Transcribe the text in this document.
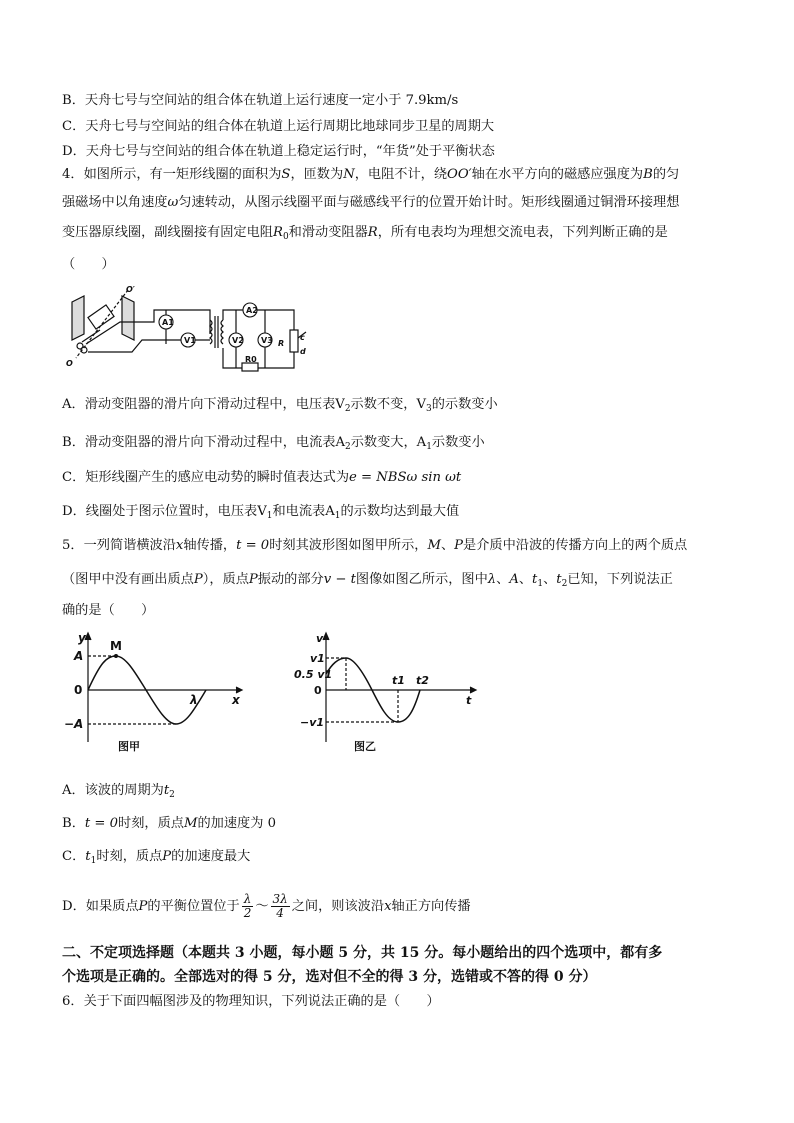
B．天舟七号与空间站的组合体在轨道上运行速度一定小于 7.9km/s
C．天舟七号与空间站的组合体在轨道上运行周期比地球同步卫星的周期大
D．天舟七号与空间站的组合体在轨道上稳定运行时，“年货”处于平衡状态
4．如图所示，有一矩形线圈的面积为S，匝数为N，电阻不计，绕OO′轴在水平方向的磁感应强度为B的匀
强磁场中以角速度ω匀速转动，从图示线圈平面与磁感线平行的位置开始计时。矩形线圈通过铜滑环接理想
变压器原线圈，副线圈接有固定电阻$R_0$和滑动变阻器R，所有电表均为理想交流电表，下列判断正确的是
（　　）
A1
V1	V2
A2
V3
R0
R
c
d
O′
O
A．滑动变阻器的滑片向下滑动过程中，电压表$V_2$示数不变，$V_3$的示数变小
B．滑动变阻器的滑片向下滑动过程中，电流表$A_2$示数变大，$A_1$示数变小
C．矩形线圈产生的感应电动势的瞬时值表达式为e = NBSω sin ωt
D．线圈处于图示位置时，电压表$V_1$和电流表$A_1$的示数均达到最大值
5．一列简谐横波沿x轴传播，t = 0时刻其波形图如图甲所示，M、P是介质中沿波的传播方向上的两个质点
（图甲中没有画出质点P），质点P振动的部分v − t图像如图乙所示，图中λ、A、$t_1$、$t_2$已知，下列说法正
确的是（　　）
y
A
M
0
−A
λ	x
图甲
v
v1
0.5 v1
0
−v1
t1 t2
t
图乙
A．该波的周期为$t_2$
B．t = 0时刻，质点M的加速度为 0
C．$t_1$时刻，质点P的加速度最大
D．如果质点P的平衡位置位于 $\frac{\lambda}{2}$ ～ $\frac{3\lambda}{4}$ 之间，则该波沿x轴正方向传播
二、不定项选择题（本题共 3 小题，每小题 5 分，共 15 分。每小题给出的四个选项中，都有多
个选项是正确的。全部选对的得 5 分，选对但不全的得 3 分，选错或不答的得 0 分）
6．关于下面四幅图涉及的物理知识，下列说法正确的是（　　）
